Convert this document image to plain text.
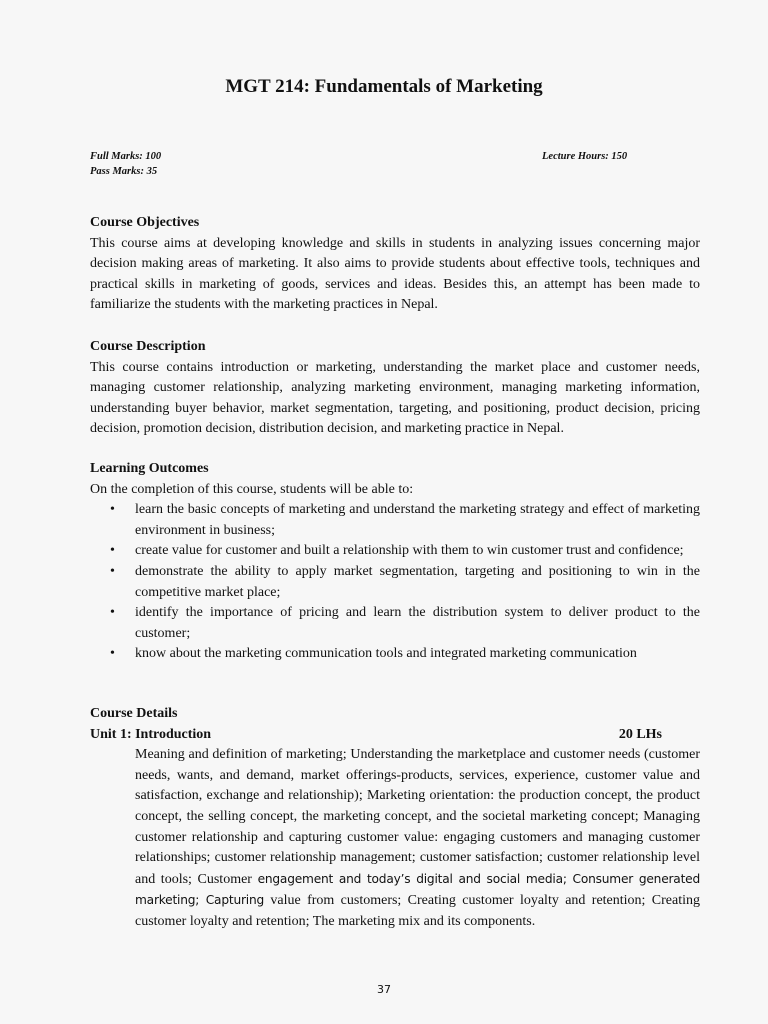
MGT 214: Fundamentals of Marketing
Full Marks: 100
Pass Marks: 35
Lecture Hours: 150
Course Objectives

This course aims at developing knowledge and skills in students in analyzing issues concerning major decision making areas of marketing. It also aims to provide students about effective tools, techniques and practical skills in marketing of goods, services and ideas. Besides this, an attempt has been made to familiarize the students with the marketing practices in Nepal.

Course Description

This course contains introduction or marketing, understanding the market place and customer needs, managing customer relationship, analyzing marketing environment, managing marketing information, understanding buyer behavior, market segmentation, targeting, and positioning, product decision, pricing decision, promotion decision, distribution decision, and marketing practice in Nepal.

Learning Outcomes

On the completion of this course, students will be able to:

• learn the basic concepts of marketing and understand the marketing strategy and effect of marketing environment in business;
• create value for customer and built a relationship with them to win customer trust and confidence;
• demonstrate the ability to apply market segmentation, targeting and positioning to win in the competitive market place;
• identify the importance of pricing and learn the distribution system to deliver product to the customer;
• know about the marketing communication tools and integrated marketing communication
Course Details
Unit 1: Introduction	20 LHs

Meaning and definition of marketing; Understanding the marketplace and customer needs (customer needs, wants, and demand, market offerings-products, services, experience, customer value and satisfaction, exchange and relationship); Marketing orientation: the production concept, the product concept, the selling concept, the marketing concept, and the societal marketing concept; Managing customer relationship and capturing customer value: engaging customers and managing customer relationships; customer relationship management; customer satisfaction; customer relationship level and tools; Customer engagement and today’s digital and social media; Consumer generated marketing; Capturing value from customers; Creating customer loyalty and retention; Creating customer loyalty and retention; The marketing mix and its components.

37
